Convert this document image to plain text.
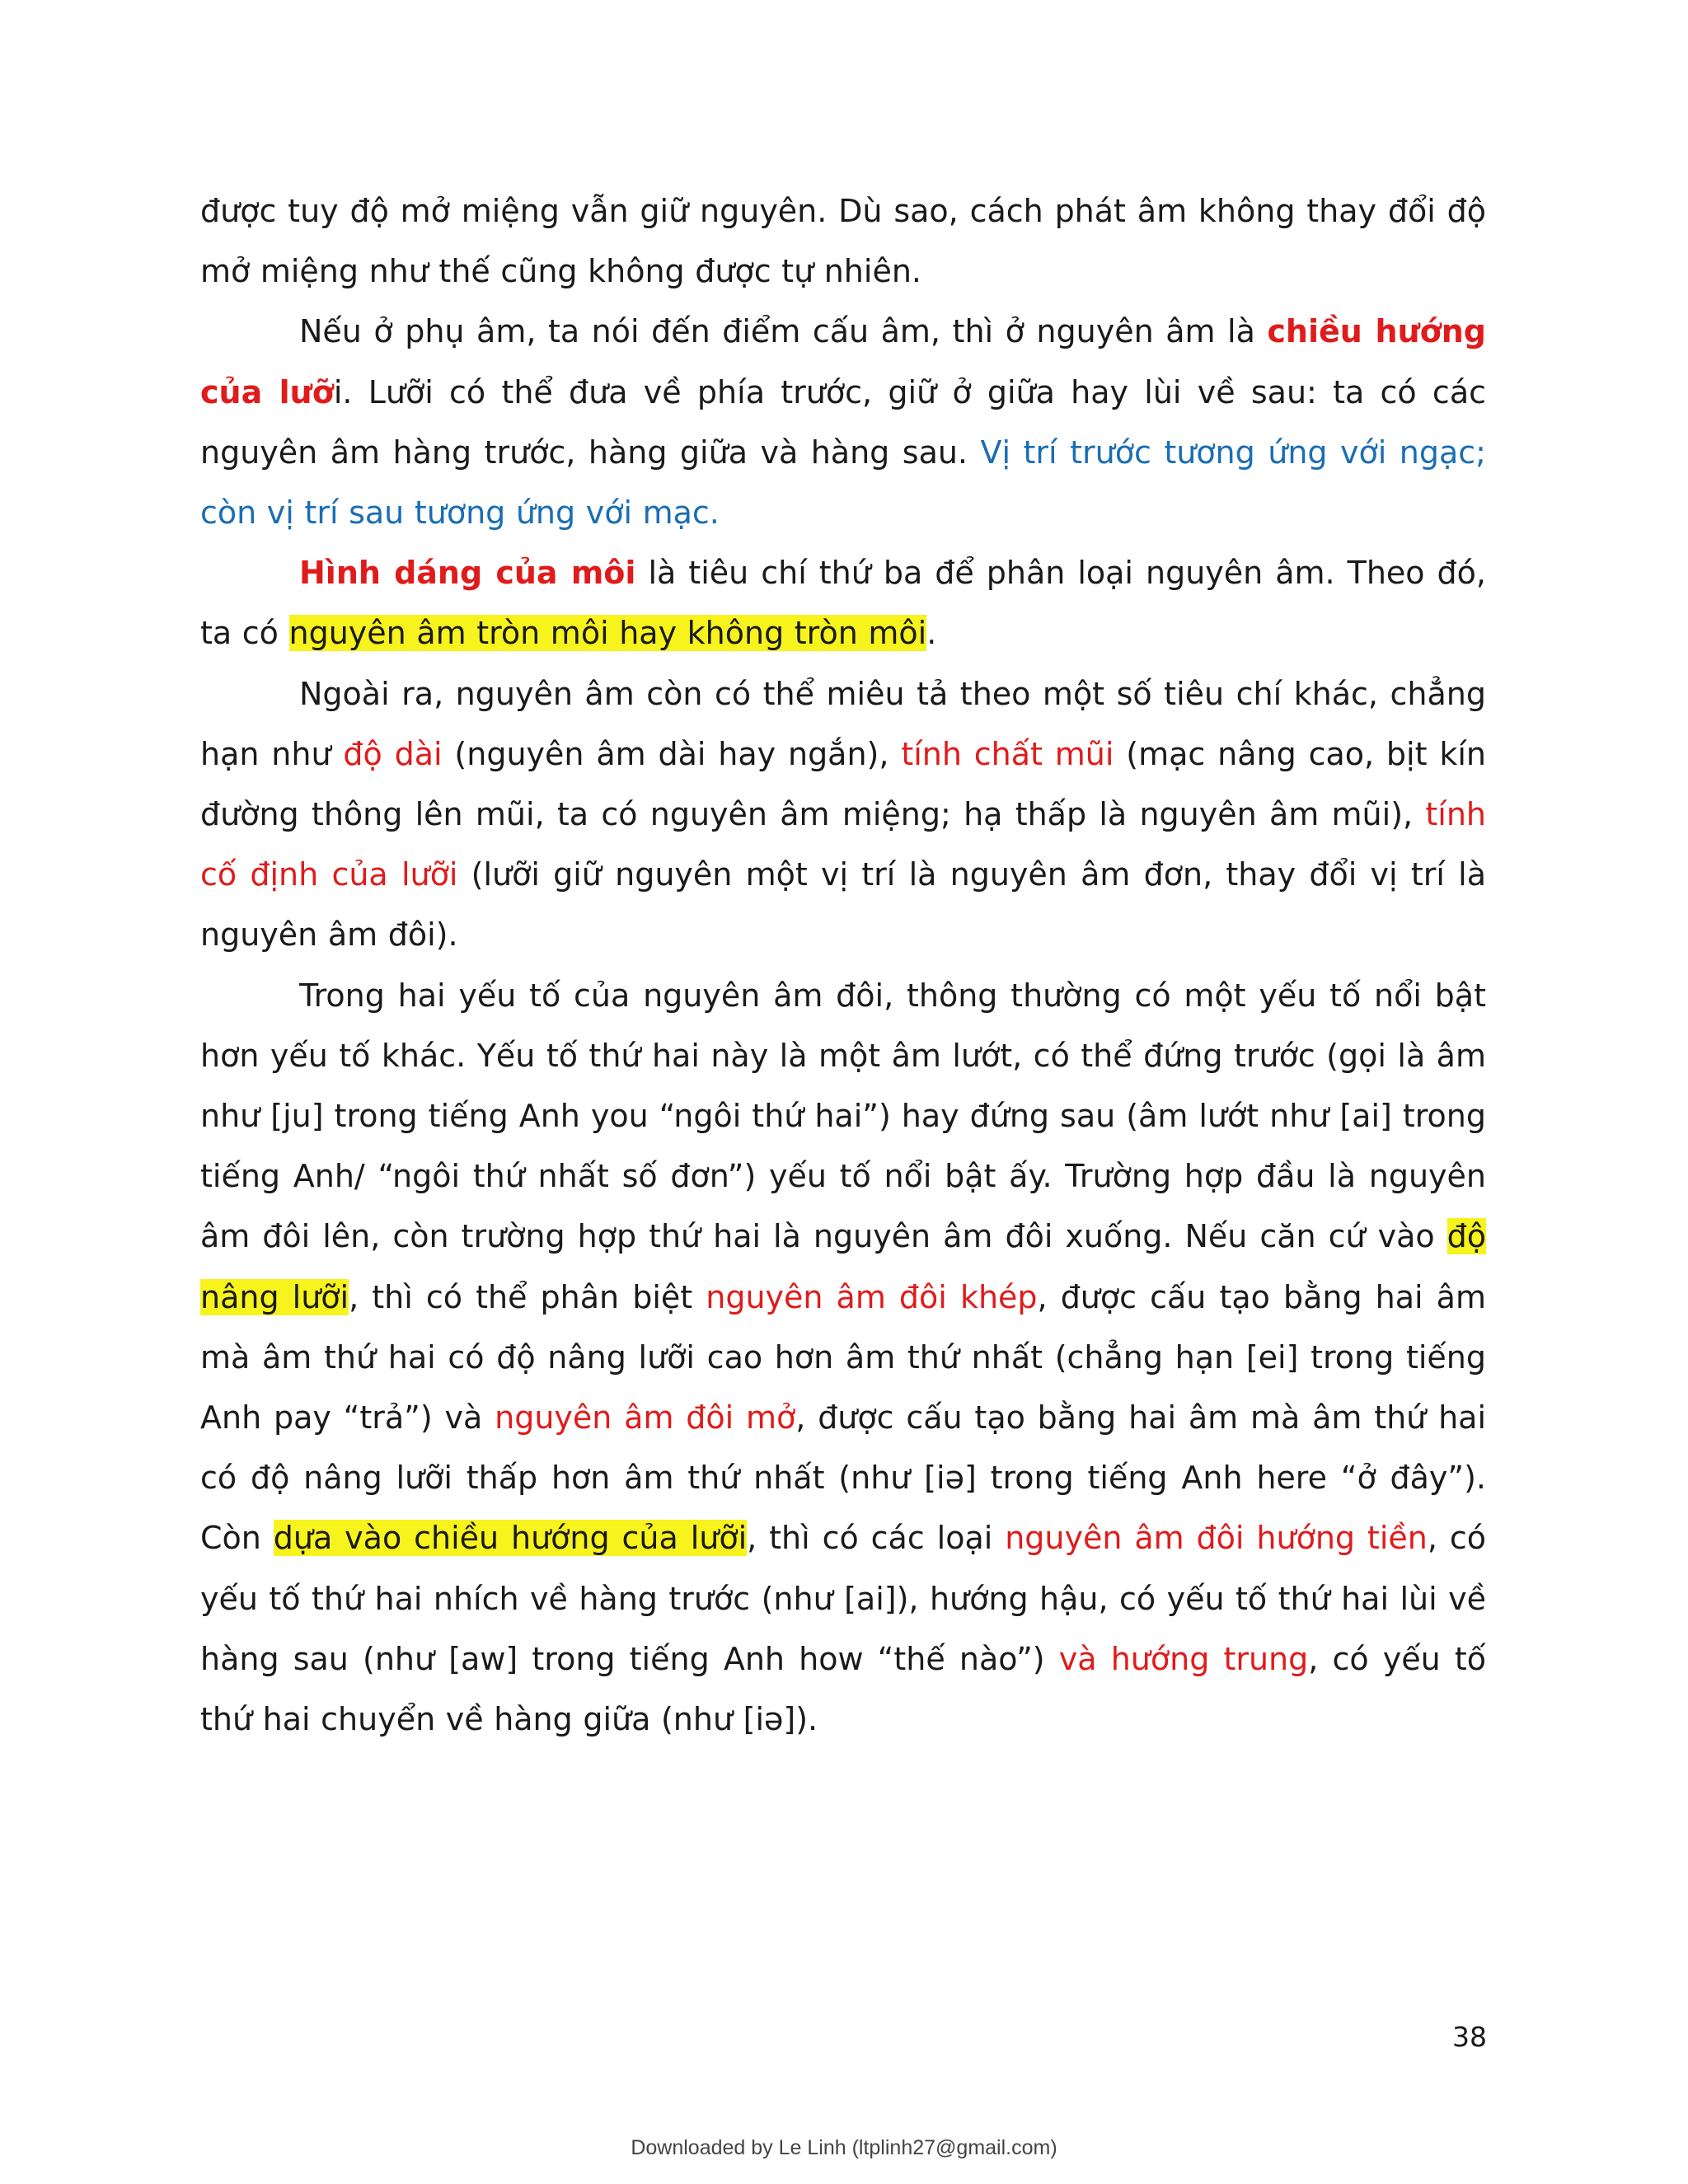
được tuy độ mở miệng vẫn giữ nguyên. Dù sao, cách phát âm không thay đổi độ mở miệng như thế cũng không được tự nhiên.

Nếu ở phụ âm, ta nói đến điểm cấu âm, thì ở nguyên âm là chiều hướng của lưỡi. Lưỡi có thể đưa về phía trước, giữ ở giữa hay lùi về sau: ta có các nguyên âm hàng trước, hàng giữa và hàng sau. Vị trí trước tương ứng với ngạc; còn vị trí sau tương ứng với mạc.

Hình dáng của môi là tiêu chí thứ ba để phân loại nguyên âm. Theo đó, ta có nguyên âm tròn môi hay không tròn môi.

Ngoài ra, nguyên âm còn có thể miêu tả theo một số tiêu chí khác, chẳng hạn như độ dài (nguyên âm dài hay ngắn), tính chất mũi (mạc nâng cao, bịt kín đường thông lên mũi, ta có nguyên âm miệng; hạ thấp là nguyên âm mũi), tính cố định của lưỡi (lưỡi giữ nguyên một vị trí là nguyên âm đơn, thay đổi vị trí là nguyên âm đôi).

Trong hai yếu tố của nguyên âm đôi, thông thường có một yếu tố nổi bật hơn yếu tố khác. Yếu tố thứ hai này là một âm lướt, có thể đứng trước (gọi là âm như [ju] trong tiếng Anh you “ngôi thứ hai”) hay đứng sau (âm lướt như [ai] trong tiếng Anh/ “ngôi thứ nhất số đơn”) yếu tố nổi bật ấy. Trường hợp đầu là nguyên âm đôi lên, còn trường hợp thứ hai là nguyên âm đôi xuống. Nếu căn cứ vào độ nâng lưỡi, thì có thể phân biệt nguyên âm đôi khép, được cấu tạo bằng hai âm mà âm thứ hai có độ nâng lưỡi cao hơn âm thứ nhất (chẳng hạn [ei] trong tiếng Anh pay “trả”) và nguyên âm đôi mở, được cấu tạo bằng hai âm mà âm thứ hai có độ nâng lưỡi thấp hơn âm thứ nhất (như [iə] trong tiếng Anh here “ở đây”). Còn dựa vào chiều hướng của lưỡi, thì có các loại nguyên âm đôi hướng tiền, có yếu tố thứ hai nhích về hàng trước (như [ai]), hướng hậu, có yếu tố thứ hai lùi về hàng sau (như [aw] trong tiếng Anh how “thế nào”) và hướng trung, có yếu tố thứ hai chuyển về hàng giữa (như [iə]).

38
Downloaded by Le Linh (ltplinh27@gmail.com)
